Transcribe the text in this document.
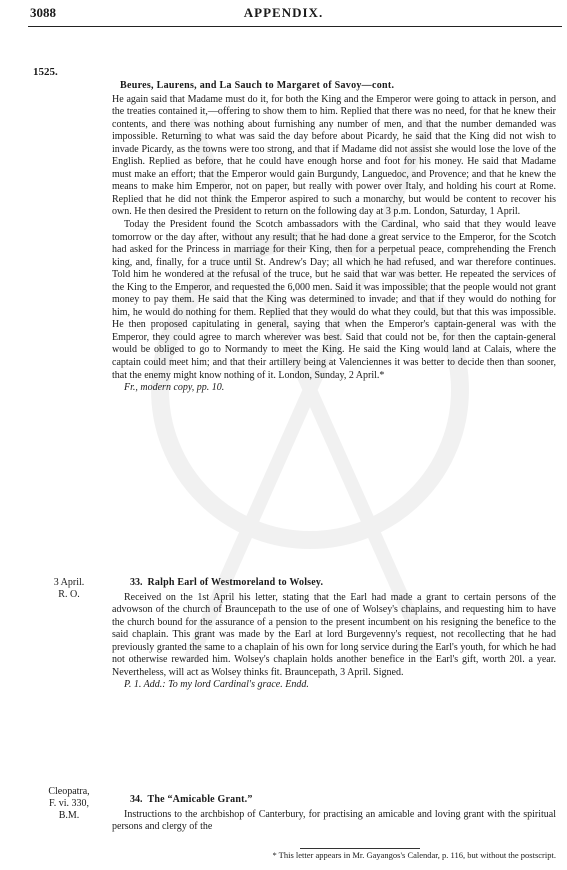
3088	APPENDIX.
1525.

Beures, Laurens, and La Sauch to Margaret of Savoy—cont.

He again said that Madame must do it, for both the King and the Emperor were going to attack in person, and the treaties contained it,—offering to show them to him. Replied that there was no need, for that he knew their contents, and there was nothing about furnishing any number of men, and that the number demanded was impossible. Returning to what was said the day before about Picardy, he said that the King did not wish to invade Picardy, as the towns were too strong, and that if Madame did not assist she would lose the love of the English. Replied as before, that he could have enough horse and foot for his money. He said that Madame must make an effort; that the Emperor would gain Burgundy, Languedoc, and Provence; and that he knew the means to make him Emperor, not on paper, but really with power over Italy, and holding his court at Rome. Replied that he did not think the Emperor aspired to such a monarchy, but would be content to recover his own. He then desired the President to return on the following day at 3 p.m. London, Saturday, 1 April.

Today the President found the Scotch ambassadors with the Cardinal, who said that they would leave tomorrow or the day after, without any result; that he had done a great service to the Emperor, for the Scotch had asked for the Princess in marriage for their King, then for a perpetual peace, comprehending the French king, and, finally, for a truce until St. Andrew's Day; all which he had refused, and war therefore continues. Told him he wondered at the refusal of the truce, but he said that war was better. He repeated the services of the King to the Emperor, and requested the 6,000 men. Said it was impossible; that the people would not grant money to pay them. He said that the King was determined to invade; and that if they would do nothing for him, he would do nothing for them. Replied that they would do what they could, but that this was impossible. He then proposed capitulating in general, saying that when the Emperor's captain-general was with the Emperor, they could agree to march wherever was best. Said that could not be, for then the captain-general would be obliged to go to Normandy to meet the King. He said the King would land at Calais, where the captain could meet him; and that their artillery being at Valenciennes it was better to decide then than sooner, that the enemy might know nothing of it. London, Sunday, 2 April.*

Fr., modern copy, pp. 10.

3 April.
R. O.

33. Ralph Earl of Westmoreland to Wolsey.

Received on the 1st April his letter, stating that the Earl had made a grant to certain persons of the advowson of the church of Brauncepath to the use of one of Wolsey's chaplains, and requesting him to have the church bound for the assurance of a pension to the present incumbent on his resigning the benefice to the said chaplain. This grant was made by the Earl at lord Burgevenny's request, not recollecting that he had previously granted the same to a chaplain of his own for long service during the Earl's youth, for which he had not otherwise rewarded him. Wolsey's chaplain holds another benefice in the Earl's gift, worth 20l. a year. Nevertheless, will act as Wolsey thinks fit. Brauncepath, 3 April. Signed.

P. 1. Add.: To my lord Cardinal's grace. Endd.

Cleopatra,
F. vi. 330,
B.M.

34. The “Amicable Grant.”

Instructions to the archbishop of Canterbury, for practising an amicable and loving grant with the spiritual persons and clergy of the

* This letter appears in Mr. Gayangos's Calendar, p. 116, but without the postscript.
